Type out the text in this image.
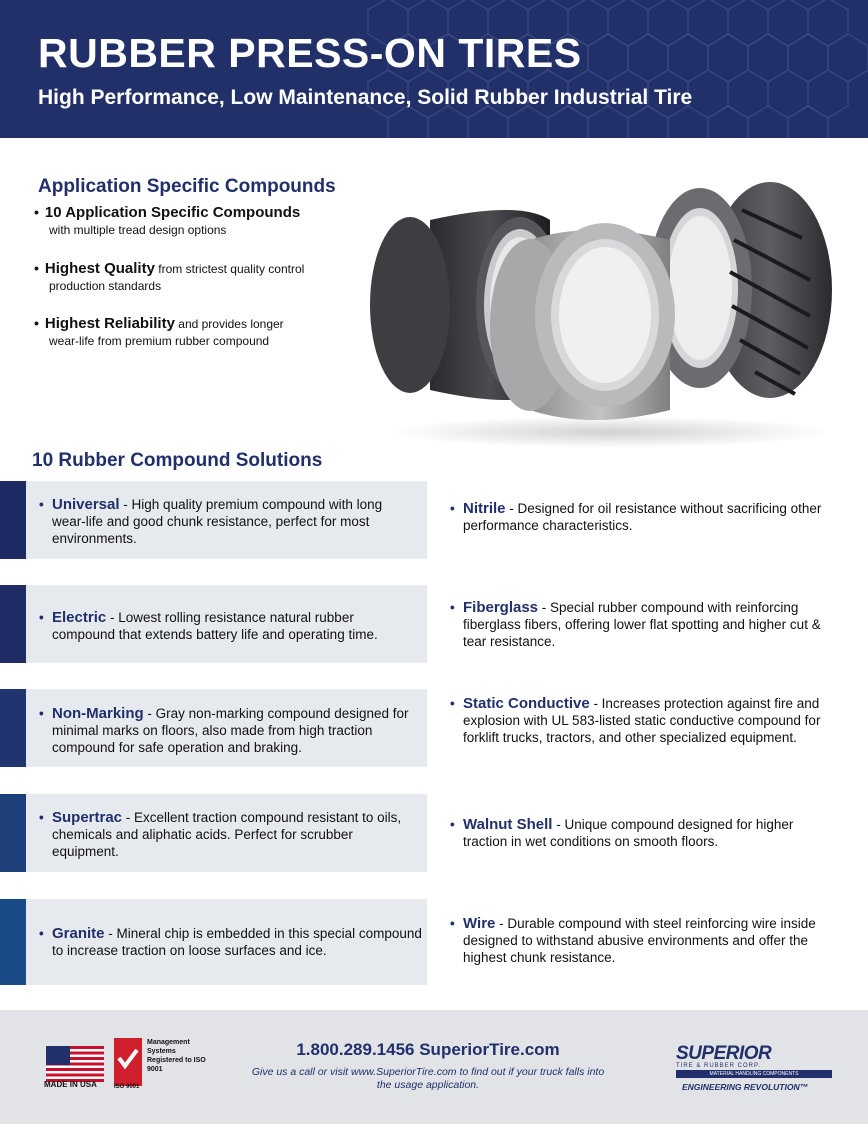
RUBBER PRESS-ON TIRES
High Performance, Low Maintenance, Solid Rubber Industrial Tire
Application Specific Compounds
• 10 Application Specific Compounds
with multiple tread design options
• Highest Quality from strictest quality control
production standards
• Highest Reliability and provides longer
wear-life from premium rubber compound
10 Rubber Compound Solutions
• Universal - High quality premium compound with long wear-life and good chunk resistance, perfect for most environments.
• Electric - Lowest rolling resistance natural rubber compound that extends battery life and operating time.
• Non-Marking - Gray non-marking compound designed for minimal marks on floors, also made from high traction compound for safe operation and braking.
• Supertrac - Excellent traction compound resistant to oils, chemicals and aliphatic acids. Perfect for scrubber equipment.
• Granite - Mineral chip is embedded in this special compound to increase traction on loose surfaces and ice.
• Nitrile - Designed for oil resistance without sacrificing other performance characteristics.
• Fiberglass - Special rubber compound with reinforcing fiberglass fibers, offering lower flat spotting and higher cut & tear resistance.
• Static Conductive - Increases protection against fire and explosion with UL 583-listed static conductive compound for forklift trucks, tractors, and other specialized equipment.
• Walnut Shell - Unique compound designed for higher traction in wet conditions on smooth floors.
• Wire - Durable compound with steel reinforcing wire inside designed to withstand abusive environments and offer the highest chunk resistance.
MADE IN USA
Management Systems Registered to ISO 9001
ISO 9001
1.800.289.1456 SuperiorTire.com
Give us a call or visit www.SuperiorTire.com to find out if your truck falls into the usage application.
SUPERIOR
TIRE & RUBBER CORP.
MATERIAL HANDLING COMPONENTS
ENGINEERING REVOLUTION™
